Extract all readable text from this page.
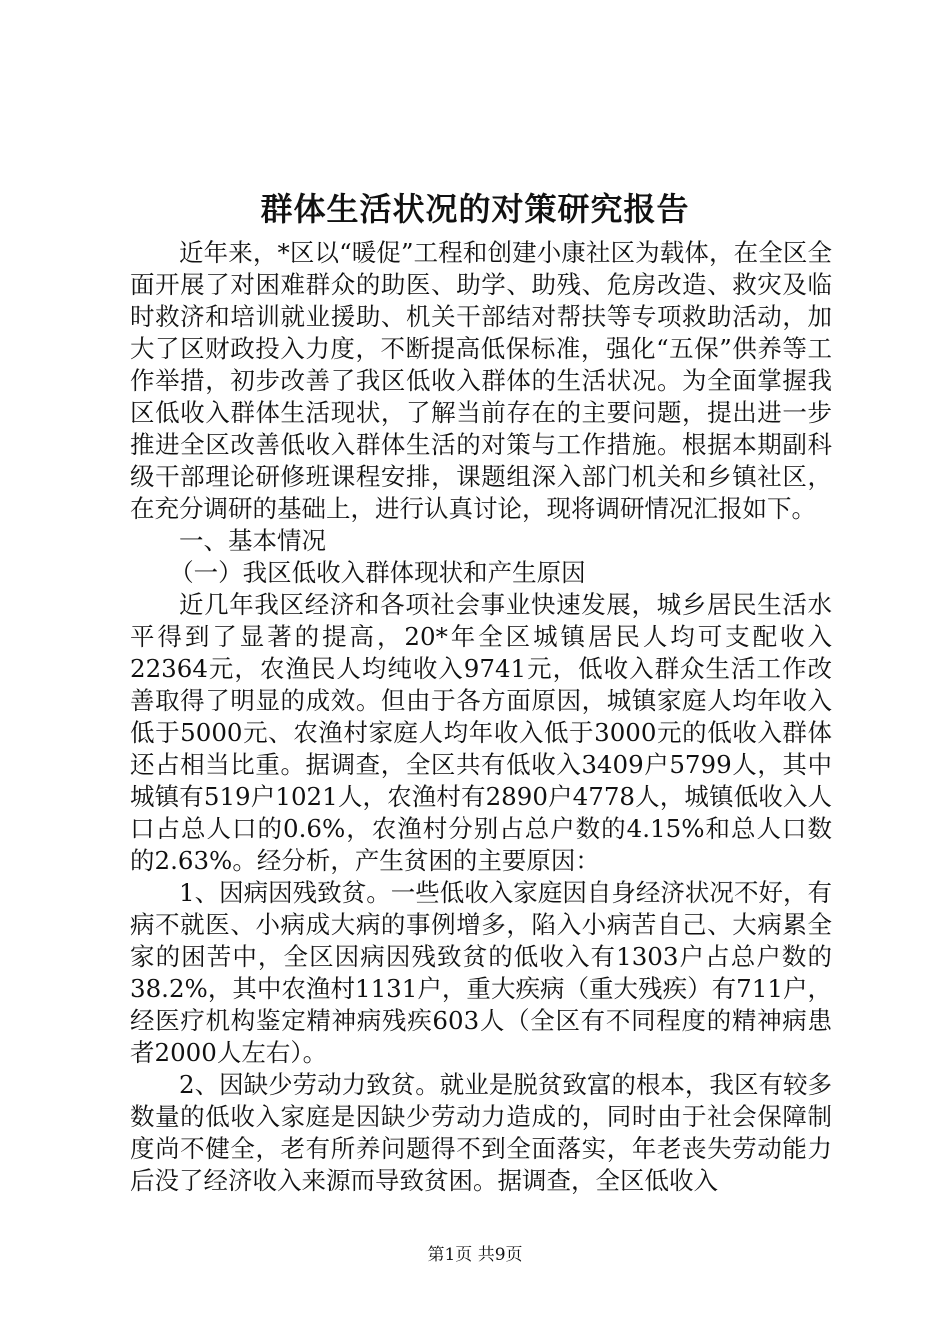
群体生活状况的对策研究报告

近年来，*区以“暖促”工程和创建小康社区为载体，在全区全面开展了对困难群众的助医、助学、助残、危房改造、救灾及临时救济和培训就业援助、机关干部结对帮扶等专项救助活动，加大了区财政投入力度，不断提高低保标准，强化“五保”供养等工作举措，初步改善了我区低收入群体的生活状况。为全面掌握我区低收入群体生活现状，了解当前存在的主要问题，提出进一步推进全区改善低收入群体生活的对策与工作措施。根据本期副科级干部理论研修班课程安排，课题组深入部门机关和乡镇社区，在充分调研的基础上，进行认真讨论，现将调研情况汇报如下。

一、基本情况

（一）我区低收入群体现状和产生原因

近几年我区经济和各项社会事业快速发展，城乡居民生活水平得到了显著的提高，20*年全区城镇居民人均可支配收入22364元，农渔民人均纯收入9741元，低收入群众生活工作改善取得了明显的成效。但由于各方面原因，城镇家庭人均年收入低于5000元、农渔村家庭人均年收入低于3000元的低收入群体还占相当比重。据调查，全区共有低收入3409户5799人，其中城镇有519户1021人，农渔村有2890户4778人，城镇低收入人口占总人口的0.6%，农渔村分别占总户数的4.15%和总人口数的2.63%。经分析，产生贫困的主要原因：

1、因病因残致贫。一些低收入家庭因自身经济状况不好，有病不就医、小病成大病的事例增多，陷入小病苦自己、大病累全家的困苦中，全区因病因残致贫的低收入有1303户占总户数的38.2%，其中农渔村1131户，重大疾病（重大残疾）有711户，经医疗机构鉴定精神病残疾603人（全区有不同程度的精神病患者2000人左右）。

2、因缺少劳动力致贫。就业是脱贫致富的根本，我区有较多数量的低收入家庭是因缺少劳动力造成的，同时由于社会保障制度尚不健全，老有所养问题得不到全面落实，年老丧失劳动能力后没了经济收入来源而导致贫困。据调查，全区低收入

第1页 共9页
